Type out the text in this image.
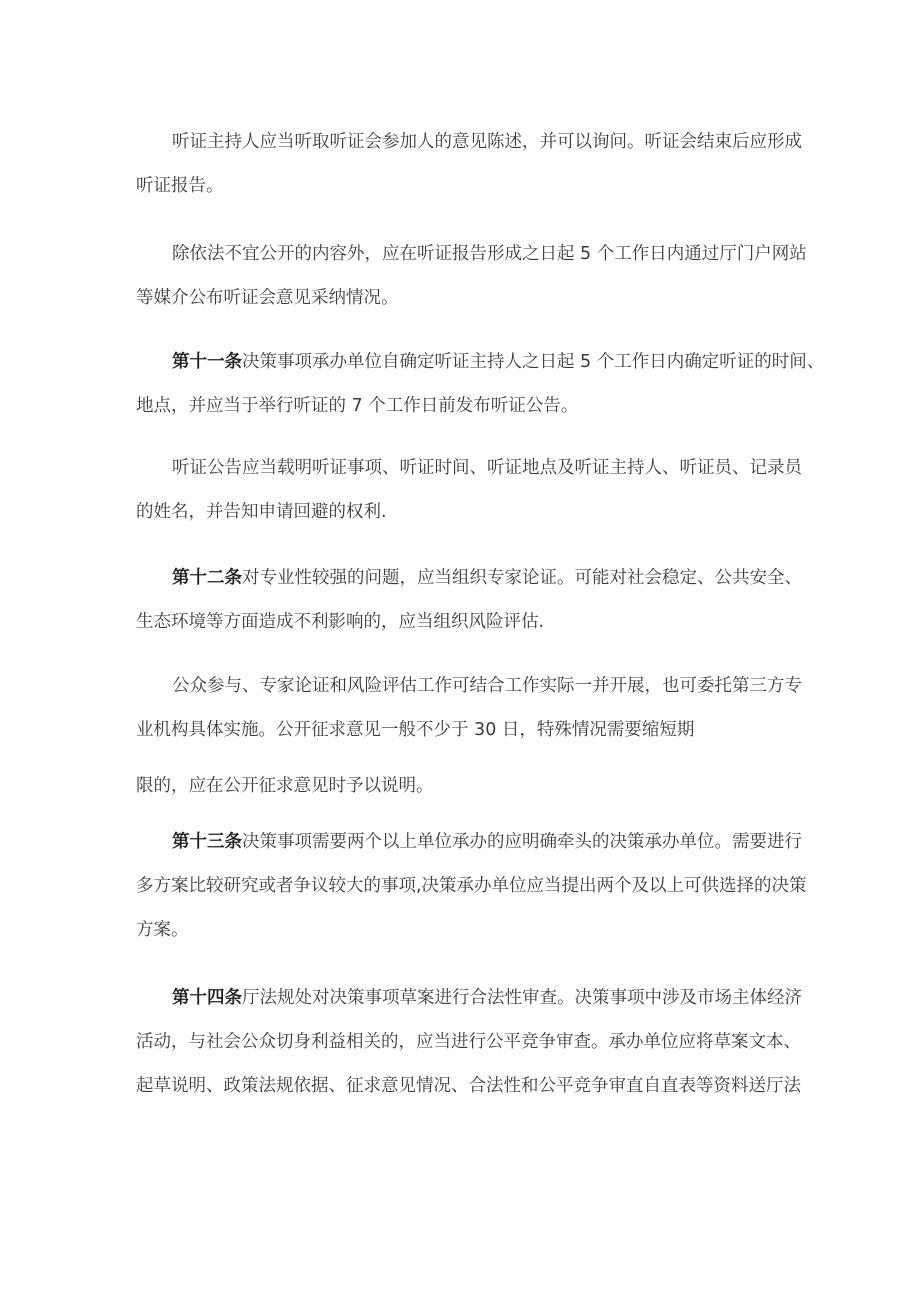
听证主持人应当听取听证会参加人的意见陈述，并可以询问。听证会结束后应形成
听证报告。
除依法不宜公开的内容外，应在听证报告形成之日起 5 个工作日内通过厅门户网站
等媒介公布听证会意见采纳情况。
第十一条决策事项承办单位自确定听证主持人之日起 5 个工作日内确定听证的时间、
地点，并应当于举行听证的 7 个工作日前发布听证公告。
听证公告应当载明听证事项、听证时间、听证地点及听证主持人、听证员、记录员
的姓名，并告知申请回避的权利.
第十二条对专业性较强的问题，应当组织专家论证。可能对社会稳定、公共安全、
生态环境等方面造成不利影响的，应当组织风险评估.
公众参与、专家论证和风险评估工作可结合工作实际一并开展，也可委托第三方专
业机构具体实施。公开征求意见一般不少于 30 日，特殊情况需要缩短期
限的，应在公开征求意见时予以说明。
第十三条决策事项需要两个以上单位承办的应明确牵头的决策承办单位。需要进行
多方案比较研究或者争议较大的事项,决策承办单位应当提出两个及以上可供选择的决策
方案。
第十四条厅法规处对决策事项草案进行合法性审查。决策事项中涉及市场主体经济
活动，与社会公众切身利益相关的，应当进行公平竞争审查。承办单位应将草案文本、
起草说明、政策法规依据、征求意见情况、合法性和公平竞争审直自直表等资料送厅法
